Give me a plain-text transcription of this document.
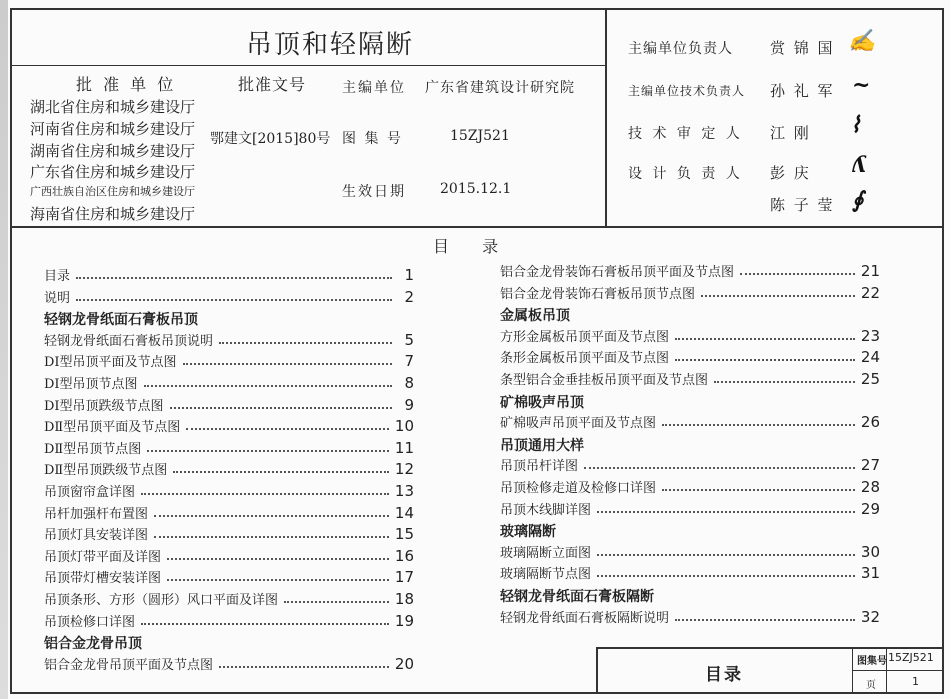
吊顶和轻隔断
批 准 单 位	批准文号
湖北省住房和城乡建设厅
河南省住房和城乡建设厅
湖南省住房和城乡建设厅
广东省住房和城乡建设厅
广西壮族自治区住房和城乡建设厅
海南省住房和城乡建设厅
鄂建文[2015]80号
主编单位 广东省建筑设计研究院
图 集 号	15ZJ521
生效日期 2015.12.1
主编单位负责人 赏 锦 国 ✍
主编单位技术负责人 孙 礼 军 ~
技 术 审 定 人 江 刚 ⌇
设 计 负 责 人 彭 庆 ʎ
陈 子 莹 ∮
目 录
目录	1
说明	2
轻钢龙骨纸面石膏板吊顶
轻钢龙骨纸面石膏板吊顶说明	5
DⅠ型吊顶平面及节点图	7
DⅠ型吊顶节点图	8
DⅠ型吊顶跌级节点图	9
DⅡ型吊顶平面及节点图	10
DⅡ型吊顶节点图	11
DⅡ型吊顶跌级节点图	12
吊顶窗帘盒详图	13
吊杆加强杆布置图	14
吊顶灯具安装详图	15
吊顶灯带平面及详图	16
吊顶带灯槽安装详图	17
吊顶条形、方形（圆形）风口平面及详图	18
吊顶检修口详图	19
铝合金龙骨吊顶
铝合金龙骨吊顶平面及节点图	20
铝合金龙骨装饰石膏板吊顶平面及节点图	21
铝合金龙骨装饰石膏板吊顶节点图	22
金属板吊顶
方形金属板吊顶平面及节点图	23
条形金属板吊顶平面及节点图	24
条型铝合金垂挂板吊顶平面及节点图	25
矿棉吸声吊顶
矿棉吸声吊顶平面及节点图	26
吊顶通用大样
吊顶吊杆详图	27
吊顶检修走道及检修口详图	28
吊顶木线脚详图	29
玻璃隔断
玻璃隔断立面图	30
玻璃隔断节点图	31
轻钢龙骨纸面石膏板隔断
轻钢龙骨纸面石膏板隔断说明	32
目录
图集号 15ZJ521
页	1
